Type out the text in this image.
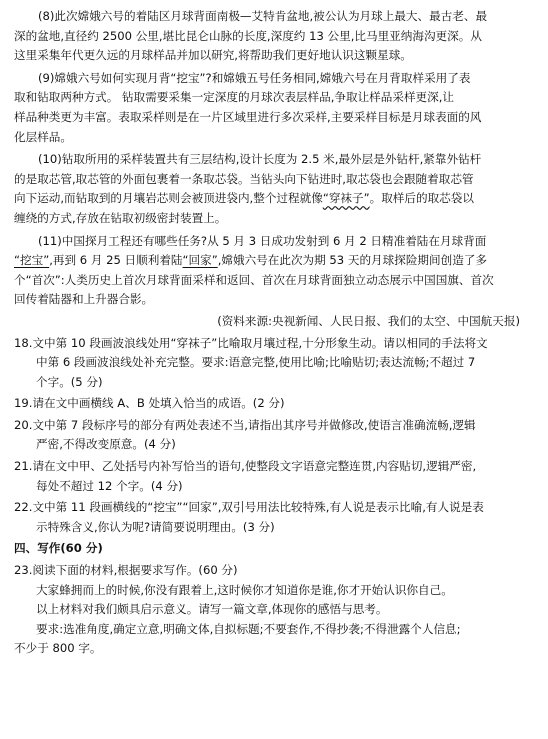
(8)此次嫦娥六号的着陆区月球背面南极—艾特肯盆地,被公认为月球上最大、最古老、最

深的盆地,直径约 2500 公里,堪比昆仑山脉的长度,深度约 13 公里,比马里亚纳海沟更深。从

这里采集年代更久远的月球样品并加以研究,将帮助我们更好地认识这颗星球。

(9)嫦娥六号如何实现月背“挖宝”?和嫦娥五号任务相同,嫦娥六号在月背取样采用了表

取和钻取两种方式。 钻取需要采集一定深度的月球次表层样品,争取让样品采样更深,让

样品种类更为丰富。表取采样则是在一片区域里进行多次采样,主要采样目标是月球表面的风

化层样品。

(10)钻取所用的采样装置共有三层结构,设计长度为 2.5 米,最外层是外钻杆,紧靠外钻杆

的是取芯管,取芯管的外面包裹着一条取芯袋。当钻头向下钻进时,取芯袋也会跟随着取芯管

向下运动,而钻取到的月壤岩芯则会被顶进袋内,整个过程就像“穿袜子”。取样后的取芯袋以

缠绕的方式,存放在钻取初级密封装置上。

(11)中国探月工程还有哪些任务?从 5 月 3 日成功发射到 6 月 2 日精准着陆在月球背面

“挖宝”,再到 6 月 25 日顺利着陆“回家”,嫦娥六号在此次为期 53 天的月球探险期间创造了多

个“首次”:人类历史上首次月球背面采样和返回、首次在月球背面独立动态展示中国国旗、首次

回传着陆器和上升器合影。

(资料来源:央视新闻、人民日报、我们的太空、中国航天报)

18.文中第 10 段画波浪线处用“穿袜子”比喻取月壤过程,十分形象生动。请以相同的手法将文
中第 6 段画波浪线处补充完整。要求:语意完整,使用比喻;比喻贴切;表达流畅;不超过 7
个字。(5 分)
19.请在文中画横线 A、B 处填入恰当的成语。(2 分)
20.文中第 7 段标序号的部分有两处表述不当,请指出其序号并做修改,使语言准确流畅,逻辑
严密,不得改变原意。(4 分)
21.请在文中甲、乙处括号内补写恰当的语句,使整段文字语意完整连贯,内容贴切,逻辑严密,
每处不超过 12 个字。(4 分)
22.文中第 11 段画横线的“挖宝”“回家”,双引号用法比较特殊,有人说是表示比喻,有人说是表
示特殊含义,你认为呢?请简要说明理由。(3 分)
四、写作(60 分)
23.阅读下面的材料,根据要求写作。(60 分)

大家蜂拥而上的时候,你没有跟着上,这时候你才知道你是谁,你才开始认识你自己。

以上材料对我们颇具启示意义。请写一篇文章,体现你的感悟与思考。

要求:选准角度,确定立意,明确文体,自拟标题;不要套作,不得抄袭;不得泄露个人信息;

不少于 800 字。
